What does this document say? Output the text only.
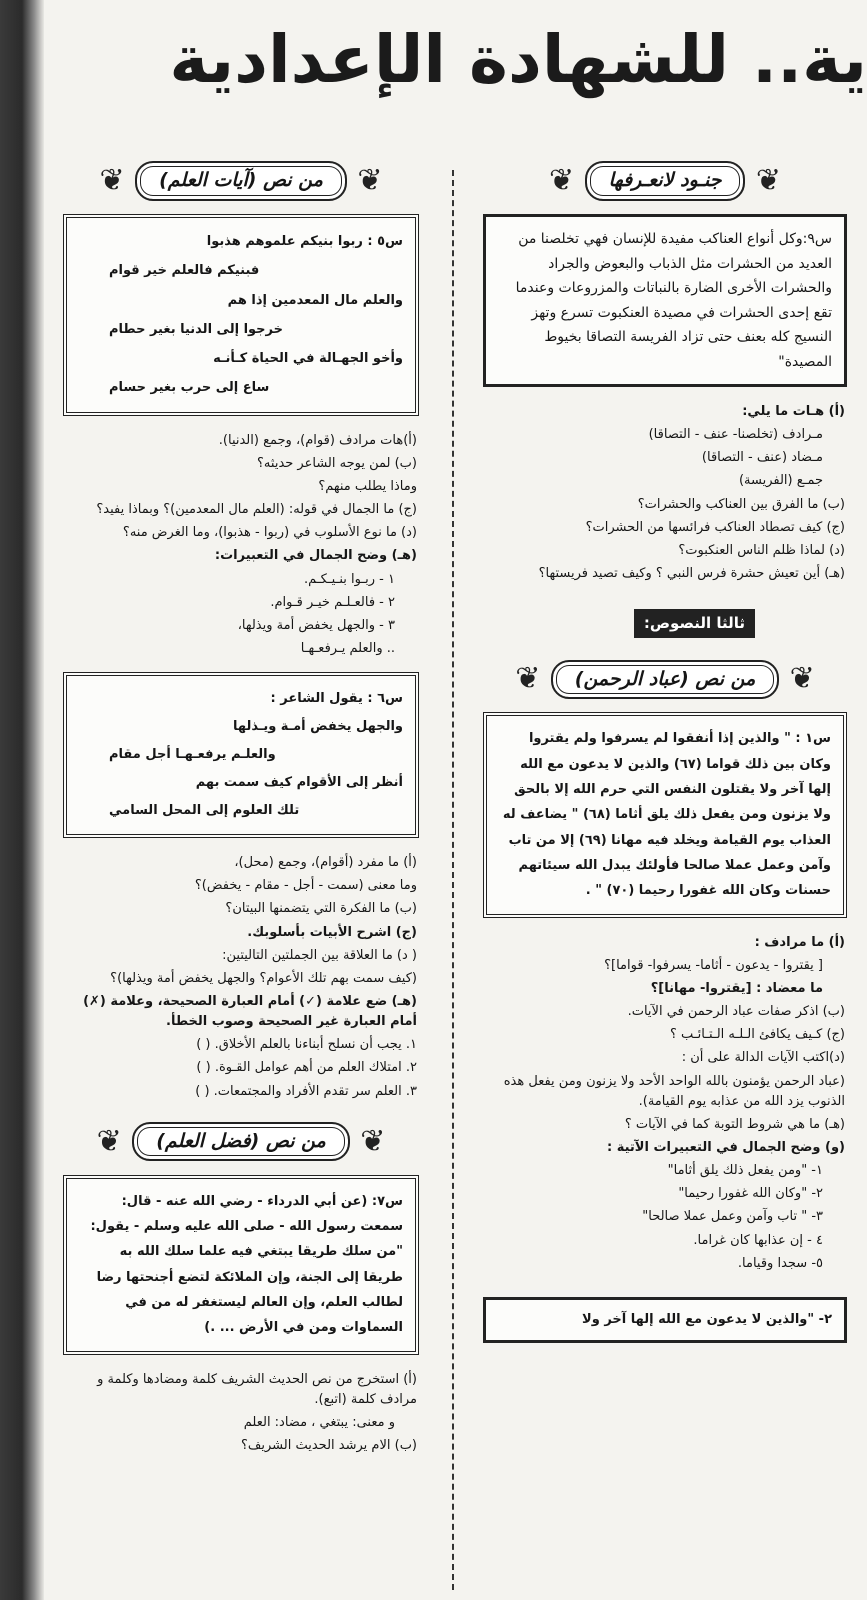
ية.. للشهادة الإعدادية
❦
جنـود لانعـرفها
❦

س٩:وكل أنواع العناكب مفيدة للإنسان فهي تخلصنا من العديد من الحشرات مثل الذباب والبعوض والجراد والحشرات الأخرى الضارة بالنباتات والمزروعات وعندما تقع إحدى الحشرات في مصيدة العنكبوت تسرع وتهز النسيج كله بعنف حتى تزاد الفريسة التصاقا بخيوط المصيدة"

(أ) هـات ما يلي:

مـرادف (تخلصنا- عنف - التصاقا)

مـضاد (عنف - التصاقا)

جمـع (الفريسة)

(ب) ما الفرق بين العناكب والحشرات؟

(ج) كيف تصطاد العناكب فرائسها من الحشرات؟

(د) لماذا ظلم الناس العنكبوت؟

(هـ) أين تعيش حشرة فرس النبي ؟ وكيف تصيد فريستها؟

ثالثا النصوص:
❦
من نص (عباد الرحمن)
❦

س١ : " والذين إذا أنفقوا لم يسرفوا ولم يقتروا وكان بين ذلك قواما (٦٧) والذين لا يدعون مع الله إلها آخر ولا يقتلون النفس التي حرم الله إلا بالحق ولا يزنون ومن يفعل ذلك يلق أثاما (٦٨) " يضاعف له العذاب يوم القيامة ويخلد فيه مهانا (٦٩) إلا من تاب وآمن وعمل عملا صالحا فأولئك يبدل الله سيئاتهم حسنات وكان الله غفورا رحيما (٧٠) " .

(أ) ما مرادف :

[ يقتروا - يدعون - أثاما- يسرفوا- قواما]؟

ما معضاد : [يقتروا- مهانا]؟

(ب) اذكر صفات عباد الرحمن في الآيات.

(ج) كـيف يكافئ الـلـه الـتـائـب ؟

(د)اكتب الآيات الدالة على أن :

(عباد الرحمن يؤمنون بالله الواحد الأحد ولا يزنون ومن يفعل هذه الذنوب يزد الله من عذابه يوم القيامة).

(هـ) ما هي شروط التوبة كما في الآيات ؟

(و) وضح الجمال في التعبيرات الآتية :

١- "ومن يفعل ذلك يلق أثاما"

٢- "وكان الله غفورا رحيما"

٣- " تاب وآمن وعمل عملا صالحا"

٤ - إن عذابها كان غراما.

٥- سجدا وقياما.

٢- "والذين لا يدعون مع الله إلها آخر ولا

❦
من نص (آيات العلم)
❦

س٥ : ربوا بنيكم علموهم هذبوا

فبنيكم فالعلم خير قوام

والعلم مال المعدمين إذا هم

خرجوا إلى الدنيا بغير حطام

وأخو الجهـالة في الحياة كـأنـه

ساع إلى حرب بغير حسام

(أ)هات مرادف (قوام)، وجمع (الدنيا).

(ب) لمن يوجه الشاعر حديثه؟

وماذا يطلب منهم؟

(ج) ما الجمال في قوله: (العلم مال المعدمين)؟ وبماذا يفيد؟

(د) ما نوع الأسلوب في (ربوا - هذبوا)، وما الغرض منه؟

(هـ) وضح الجمال في التعبيرات:

١ - ربـوا بنـيـكـم.

٢ - فالعـلـم خيـر قـوام.

٣ - والجهل يخفض أمة ويذلها،

.. والعلم يـرفعـهـا

س٦ : يقول الشاعر :

والجهل يخفض أمـة ويـذلها

والعلـم يرفعـهـا أجل مقام

أنظر إلى الأقوام كيف سمت بهم

تلك العلوم إلى المحل السامي

(أ) ما مفرد (أقوام)، وجمع (محل)،

وما معنى (سمت - أجل - مقام - يخفض)؟

(ب) ما الفكرة التي يتضمنها البيتان؟

(ج) اشرح الأبيات بأسلوبك.

( د) ما العلاقة بين الجملتين التاليتين:

(كيف سمت بهم تلك الأعوام؟ والجهل يخفض أمة ويذلها)؟

(هـ) ضع علامة (✓) أمام العبارة الصحيحة، وعلامة (✗) أمام العبارة غير الصحيحة وصوب الخطأ.

١. يجب أن نسلح أبناءنا بالعلم الأخلاق. ( )

٢. امتلاك العلم من أهم عوامل القـوة. ( )

٣. العلم سر تقدم الأفراد والمجتمعات. ( )

❦
من نص (فضل العلم)
❦

س٧: (عن أبي الدرداء - رضي الله عنه - قال: سمعت رسول الله - صلى الله عليه وسلم - يقول: "من سلك طريقا يبتغي فيه علما سلك الله به طريقا إلى الجنة، وإن الملائكة لتضع أجنحتها رضا لطالب العلم، وإن العالم ليستغفر له من في السماوات ومن في الأرض ... .)

(أ) استخرج من نص الحديث الشريف كلمة ومضادها وكلمة و مرادف كلمة (اتبع).

و معنى: يبتغي ، مضاد: العلم

(ب) الام يرشد الحديث الشريف؟
